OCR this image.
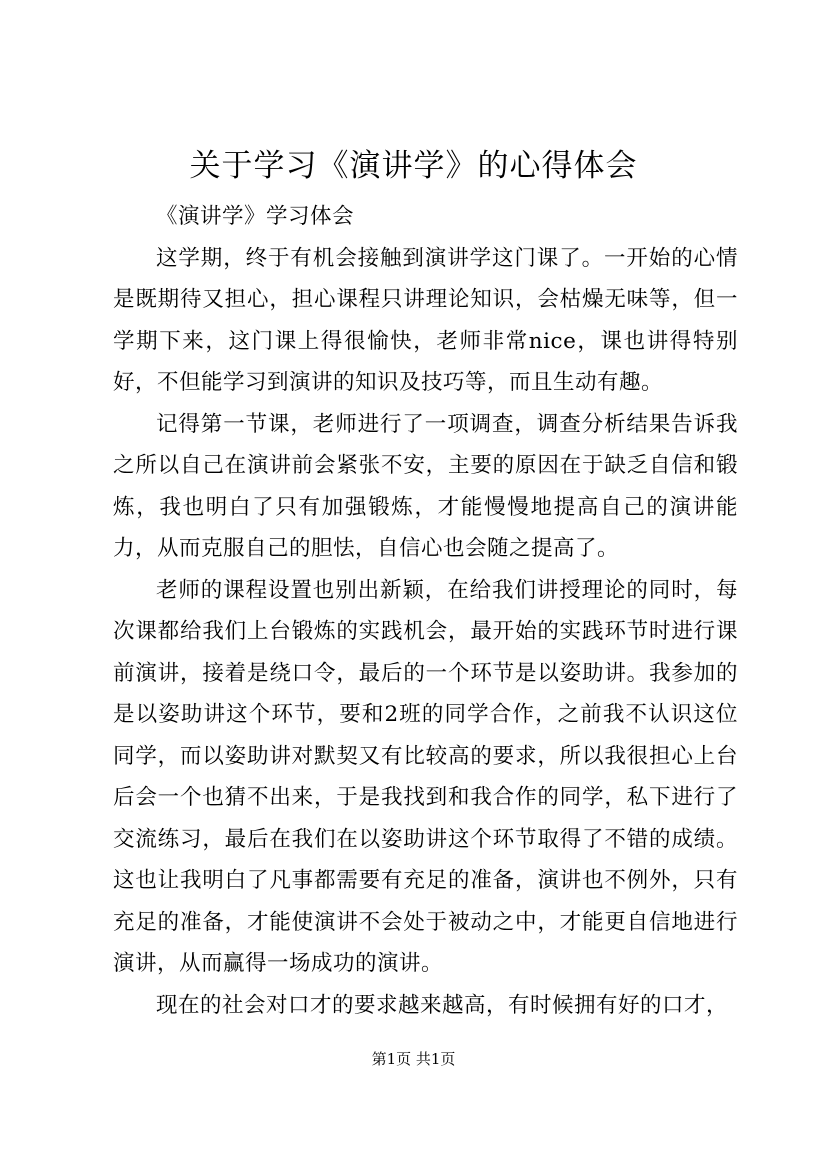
关于学习《演讲学》的心得体会

《演讲学》学习体会

这学期，终于有机会接触到演讲学这门课了。一开始的心情是既期待又担心，担心课程只讲理论知识，会枯燥无味等，但一学期下来，这门课上得很愉快，老师非常nice，课也讲得特别好，不但能学习到演讲的知识及技巧等，而且生动有趣。

记得第一节课，老师进行了一项调查，调查分析结果告诉我之所以自己在演讲前会紧张不安，主要的原因在于缺乏自信和锻炼，我也明白了只有加强锻炼，才能慢慢地提高自己的演讲能力，从而克服自己的胆怯，自信心也会随之提高了。

老师的课程设置也别出新颖，在给我们讲授理论的同时，每次课都给我们上台锻炼的实践机会，最开始的实践环节时进行课前演讲，接着是绕口令，最后的一个环节是以姿助讲。我参加的是以姿助讲这个环节，要和2班的同学合作，之前我不认识这位同学，而以姿助讲对默契又有比较高的要求，所以我很担心上台后会一个也猜不出来，于是我找到和我合作的同学，私下进行了交流练习，最后在我们在以姿助讲这个环节取得了不错的成绩。这也让我明白了凡事都需要有充足的准备，演讲也不例外，只有充足的准备，才能使演讲不会处于被动之中，才能更自信地进行演讲，从而赢得一场成功的演讲。

现在的社会对口才的要求越来越高，有时候拥有好的口才，

第1页 共1页
